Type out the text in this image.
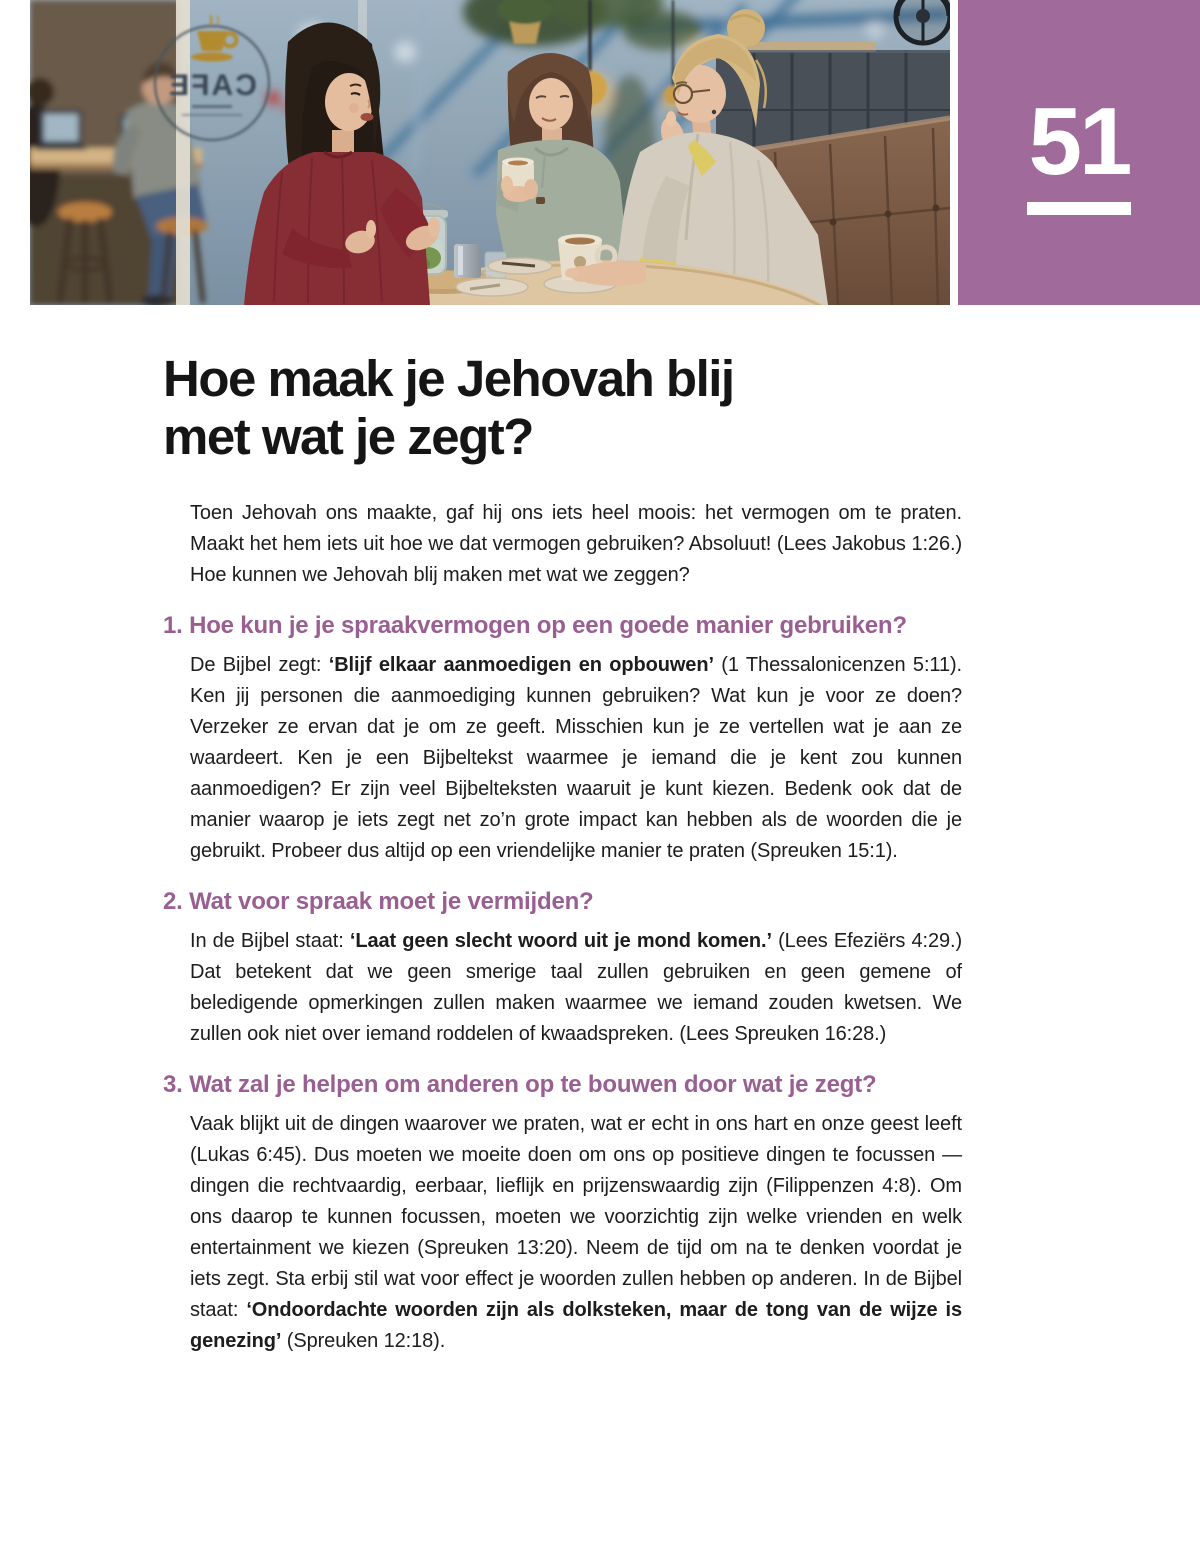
CAFE
51
Hoe maak je Jehovah blij
met wat je zegt?

Toen Jehovah ons maakte, gaf hij ons iets heel moois: het vermogen om te praten. Maakt het hem iets uit hoe we dat vermogen gebruiken? Absoluut! (Lees Jakobus 1:26.) Hoe kunnen we Jehovah blij maken met wat we zeggen?

1. Hoe kun je je spraakvermogen op een goede manier gebruiken?

De Bijbel zegt: ‘Blijf elkaar aanmoedigen en opbouwen’ (1 Thessalonicenzen 5:11). Ken jij personen die aanmoediging kunnen gebruiken? Wat kun je voor ze doen? Verzeker ze ervan dat je om ze geeft. Misschien kun je ze vertellen wat je aan ze waardeert. Ken je een Bijbeltekst waarmee je iemand die je kent zou kunnen aanmoedigen? Er zijn veel Bijbelteksten waaruit je kunt kiezen. Bedenk ook dat de manier waarop je iets zegt net zo’n grote impact kan hebben als de woorden die je gebruikt. Probeer dus altijd op een vriendelijke manier te praten (Spreuken 15:1).

2. Wat voor spraak moet je vermijden?

In de Bijbel staat: ‘Laat geen slecht woord uit je mond komen.’ (Lees Efeziërs 4:29.) Dat betekent dat we geen smerige taal zullen gebruiken en geen gemene of beledigende opmerkingen zullen maken waarmee we iemand zouden kwetsen. We zullen ook niet over iemand roddelen of kwaadspreken. (Lees Spreuken 16:28.)

3. Wat zal je helpen om anderen op te bouwen door wat je zegt?

Vaak blijkt uit de dingen waarover we praten, wat er echt in ons hart en onze geest leeft (Lukas 6:45). Dus moeten we moeite doen om ons op positieve dingen te focussen — dingen die rechtvaardig, eerbaar, lieflijk en prijzenswaardig zijn (Filippenzen 4:8). Om ons daarop te kunnen focussen, moeten we voorzichtig zijn welke vrienden en welk entertainment we kiezen (Spreuken 13:20). Neem de tijd om na te denken voordat je iets zegt. Sta erbij stil wat voor effect je woorden zullen hebben op anderen. In de Bijbel staat: ‘Ondoordachte woorden zijn als dolksteken, maar de tong van de wijze is genezing’ (Spreuken 12:18).
